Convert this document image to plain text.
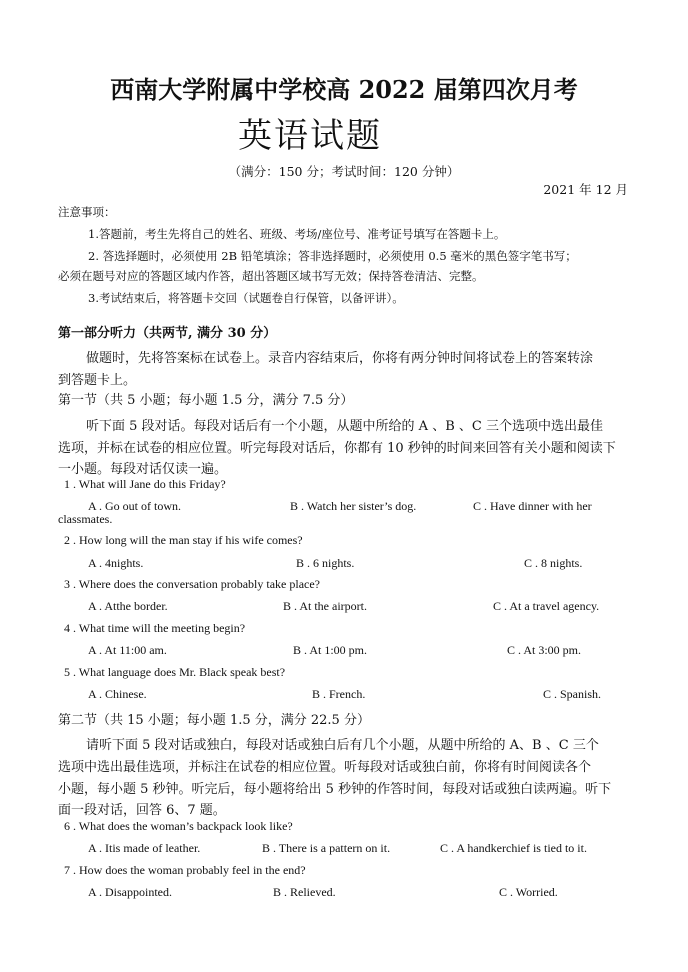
西南大学附属中学校高 2022 届第四次月考
英语试题
（满分：150 分；考试时间：120 分钟）
2021 年 12 月
注意事项：
1.答题前，考生先将自己的姓名、班级、考场/座位号、准考证号填写在答题卡上。
2. 答选择题时，必须使用 2B 铅笔填涂；答非选择题时，必须使用 0.5 毫米的黑色签字笔书写；
必须在题号对应的答题区域内作答，超出答题区域书写无效；保持答卷清洁、完整。
3.考试结束后，将答题卡交回（试题卷自行保管，以备评讲）。
第一部分听力（共两节, 满分 30 分）
做题时，先将答案标在试卷上。录音内容结束后，你将有两分钟时间将试卷上的答案转涂
到答题卡上。
第一节（共 5 小题；每小题 1.5 分，满分 7.5 分）
听下面 5 段对话。每段对话后有一个小题，从题中所给的 A 、B 、C 三个选项中选出最佳
选项，并标在试卷的相应位置。听完每段对话后，你都有 10 秒钟的时间来回答有关小题和阅读下
一小题。每段对话仅读一遍。
1 . What will Jane do this Friday?
A . Go out of town.	B . Watch her sister’s dog.	C . Have dinner with her
classmates.
2 . How long will the man stay if his wife comes?
A . 4nights.	B . 6 nights.	C . 8 nights.
3 . Where does the conversation probably take place?
A . Atthe border.	B . At the airport.	C . At a travel agency.
4 . What time will the meeting begin?
A . At 11:00 am.	B . At 1:00 pm.	C . At 3:00 pm.
5 . What language does Mr. Black speak best?
A . Chinese.	B . French.	C . Spanish.
第二节（共 15 小题；每小题 1.5 分，满分 22.5 分）
请听下面 5 段对话或独白，每段对话或独白后有几个小题，从题中所给的 A、B 、C 三个
选项中选出最佳选项，并标注在试卷的相应位置。听每段对话或独白前，你将有时间阅读各个
小题，每小题 5 秒钟。听完后，每小题将给出 5 秒钟的作答时间，每段对话或独白读两遍。听下
面一段对话，回答 6、7 题。
6 . What does the woman’s backpack look like?
A . Itis made of leather.	B . There is a pattern on it.	C . A handkerchief is tied to it.
7 . How does the woman probably feel in the end?
A . Disappointed.	B . Relieved.	C . Worried.
